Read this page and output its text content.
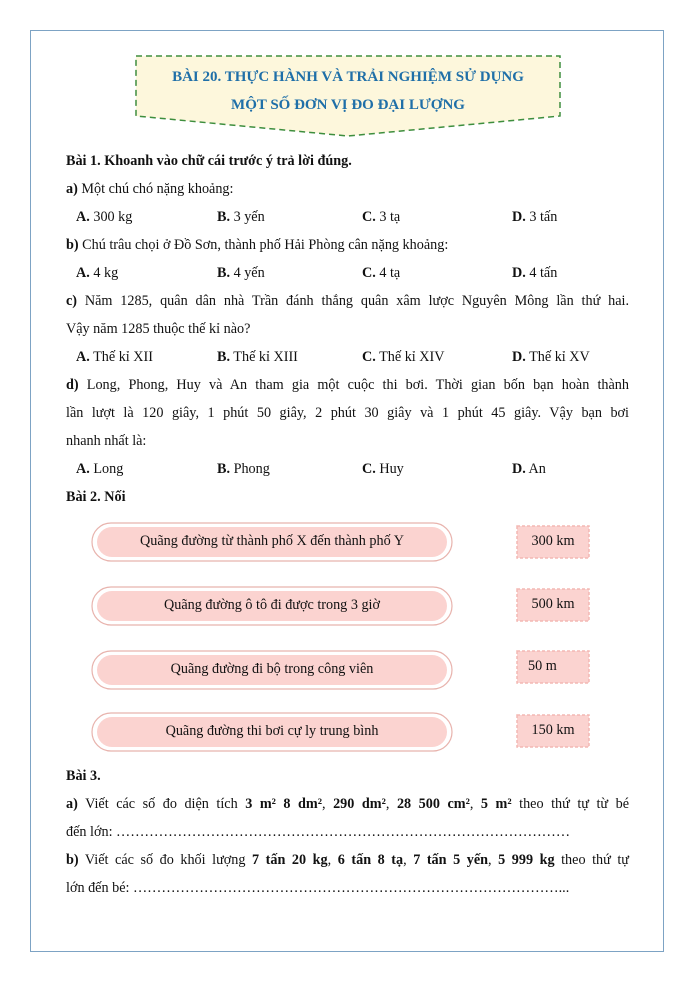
BÀI 20. THỰC HÀNH VÀ TRẢI NGHIỆM SỬ DỤNG
MỘT SỐ ĐƠN VỊ ĐO ĐẠI LƯỢNG
Bài 1. Khoanh vào chữ cái trước ý trả lời đúng.
a) Một chú chó nặng khoảng:
A. 300 kg	B. 3 yến	C. 3 tạ	D. 3 tấn
b) Chú trâu chọi ở Đồ Sơn, thành phố Hải Phòng cân nặng khoảng:
A. 4 kg	B. 4 yến	C. 4 tạ	D. 4 tấn
c) Năm 1285, quân dân nhà Trần đánh thắng quân xâm lược Nguyên Mông lần thứ hai.
Vậy năm 1285 thuộc thế kỉ nào?
A. Thế kỉ XII	B. Thế kỉ XIII	C. Thế kỉ XIV	D. Thế kỉ XV
d) Long, Phong, Huy và An tham gia một cuộc thi bơi. Thời gian bốn bạn hoàn thành
lần lượt là 120 giây, 1 phút 50 giây, 2 phút 30 giây và 1 phút 45 giây. Vậy bạn bơi
nhanh nhất là:
A. Long	B. Phong	C. Huy	D. An
Bài 2. Nối
Quãng đường từ thành phố X đến thành phố Y
Quãng đường ô tô đi được trong 3 giờ
Quãng đường đi bộ trong công viên
Quãng đường thi bơi cự ly trung bình
300 km
500 km
50 m
150 km
Bài 3.
a) Viết các số đo diện tích 3 m² 8 dm², 290 dm², 28 500 cm², 5 m² theo thứ tự từ bé
đến lớn: ……………………………………………………………………………………
b) Viết các số đo khối lượng 7 tấn 20 kg, 6 tấn 8 tạ, 7 tấn 5 yến, 5 999 kg theo thứ tự
lớn đến bé: ………………………………………………………………………………...
